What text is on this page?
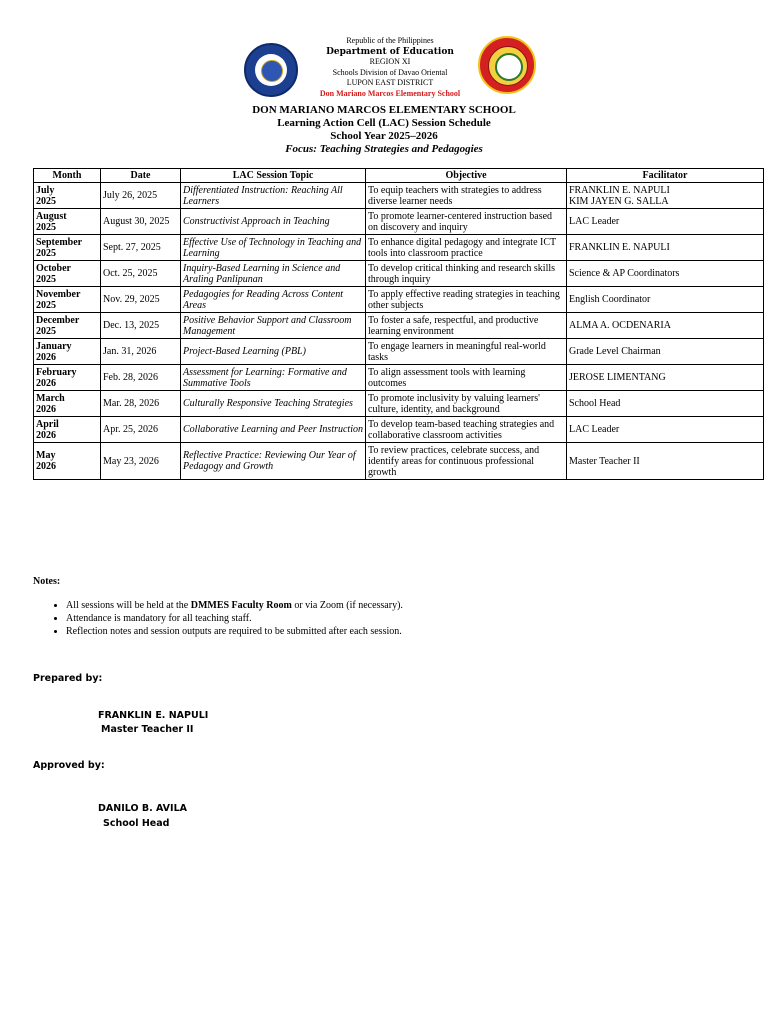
Republic of the Philippines
Department of Education
REGION XI
Schools Division of Davao Oriental
LUPON EAST DISTRICT
Don Mariano Marcos Elementary School
DON MARIANO MARCOS ELEMENTARY SCHOOL
Learning Action Cell (LAC) Session Schedule
School Year 2025–2026
Focus: Teaching Strategies and Pedagogies
Month	Date	LAC Session Topic	Objective	Facilitator
July
2025	July 26, 2025	Differentiated Instruction: Reaching All Learners	To equip teachers with strategies to address diverse learner needs	FRANKLIN E. NAPULI
KIM JAYEN G. SALLA
August
2025	August 30, 2025	Constructivist Approach in Teaching	To promote learner-centered instruction based on discovery and inquiry	LAC Leader
September
2025	Sept. 27, 2025	Effective Use of Technology in Teaching and Learning	To enhance digital pedagogy and integrate ICT tools into classroom practice	FRANKLIN E. NAPULI
October
2025	Oct. 25, 2025	Inquiry-Based Learning in Science and Araling Panlipunan	To develop critical thinking and research skills through inquiry	Science & AP Coordinators
November
2025	Nov. 29, 2025	Pedagogies for Reading Across Content Areas	To apply effective reading strategies in teaching other subjects	English Coordinator
December
2025	Dec. 13, 2025	Positive Behavior Support and Classroom Management	To foster a safe, respectful, and productive learning environment	ALMA A. OCDENARIA
January
2026	Jan. 31, 2026	Project-Based Learning (PBL)	To engage learners in meaningful real-world tasks	Grade Level Chairman
February
2026	Feb. 28, 2026	Assessment for Learning: Formative and Summative Tools	To align assessment tools with learning outcomes	JEROSE LIMENTANG
March
2026	Mar. 28, 2026	Culturally Responsive Teaching Strategies	To promote inclusivity by valuing learners' culture, identity, and background	School Head
April
2026	Apr. 25, 2026	Collaborative Learning and Peer Instruction	To develop team-based teaching strategies and collaborative classroom activities	LAC Leader
May
2026	May 23, 2026	Reflective Practice: Reviewing Our Year of Pedagogy and Growth	To review practices, celebrate success, and identify areas for continuous professional growth	Master Teacher II
Notes:
• All sessions will be held at the DMMES Faculty Room or via Zoom (if necessary).
• Attendance is mandatory for all teaching staff.
• Reflection notes and session outputs are required to be submitted after each session.
Prepared by:
FRANKLIN E. NAPULI
Master Teacher II
Approved by:
DANILO B. AVILA
School Head
